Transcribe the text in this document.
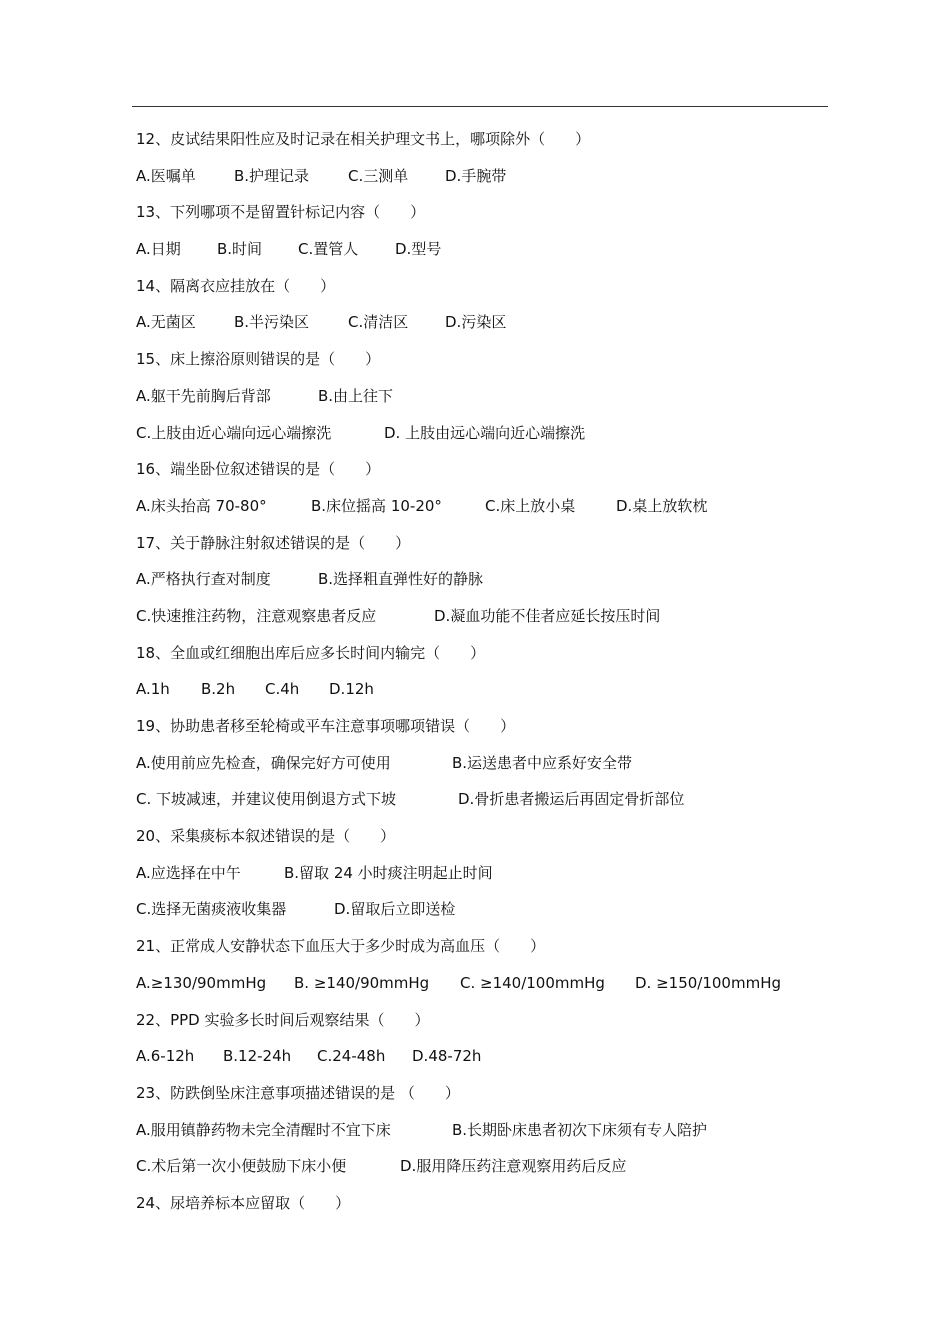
12、皮试结果阳性应及时记录在相关护理文书上，哪项除外（　　）
A.医嘱单	B.护理记录	C.三测单 D.手腕带
13、下列哪项不是留置针标记内容（　　）
A.日期 B.时间 C.置管人 D.型号
14、隔离衣应挂放在（　　）
A.无菌区	B.半污染区	C.清洁区 D.污染区
15、床上擦浴原则错误的是（　　）
A.躯干先前胸后背部	B.由上往下
C.上肢由近心端向远心端擦洗	D. 上肢由远心端向近心端擦洗
16、端坐卧位叙述错误的是（　　）
A.床头抬高 70-80°	B.床位摇高 10-20°	C.床上放小桌	D.桌上放软枕
17、关于静脉注射叙述错误的是（　　）
A.严格执行查对制度	B.选择粗直弹性好的静脉
C.快速推注药物，注意观察患者反应	D.凝血功能不佳者应延长按压时间
18、全血或红细胞出库后应多长时间内输完（　　）
A.1h B.2h C.4h D.12h
19、协助患者移至轮椅或平车注意事项哪项错误（　　）
A.使用前应先检查，确保完好方可使用	B.运送患者中应系好安全带
C. 下坡减速，并建议使用倒退方式下坡	D.骨折患者搬运后再固定骨折部位
20、采集痰标本叙述错误的是（　　）
A.应选择在中午	B.留取 24 小时痰注明起止时间
C.选择无菌痰液收集器	D.留取后立即送检
21、正常成人安静状态下血压大于多少时成为高血压（　　）
A.≥130/90mmHg B. ≥140/90mmHg C. ≥140/100mmHg D. ≥150/100mmHg
22、PPD 实验多长时间后观察结果（　　）
A.6-12h B.12-24h C.24-48h D.48-72h
23、防跌倒坠床注意事项描述错误的是 （　　）
A.服用镇静药物未完全清醒时不宜下床	B.长期卧床患者初次下床须有专人陪护
C.术后第一次小便鼓励下床小便	D.服用降压药注意观察用药后反应
24、尿培养标本应留取（　　）
